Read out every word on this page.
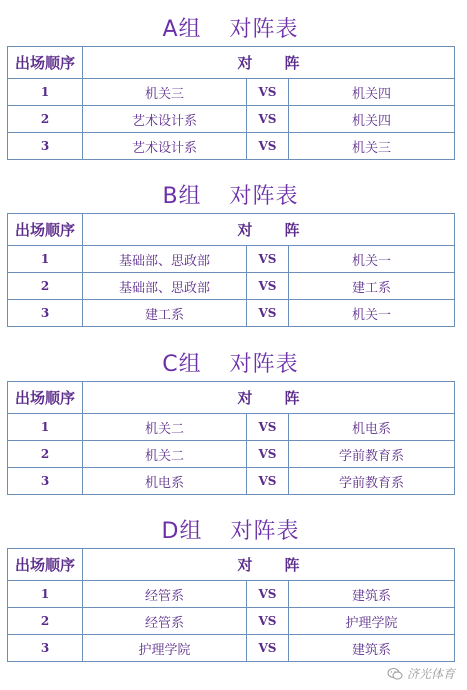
A组 对阵表
出场顺序	对 阵		
1	机关三	VS	机关四
2	艺术设计系	VS	机关四
3	艺术设计系	VS	机关三
B组 对阵表
出场顺序	对 阵		
1	基础部、思政部	VS	机关一
2	基础部、思政部	VS	建工系
3	建工系	VS	机关一
C组 对阵表
出场顺序	对 阵		
1	机关二	VS	机电系
2	机关二	VS	学前教育系
3	机电系	VS	学前教育系
D组 对阵表
出场顺序	对 阵		
1	经管系	VS	建筑系
2	经管系	VS	护理学院
3	护理学院	VS	建筑系
济光体育
